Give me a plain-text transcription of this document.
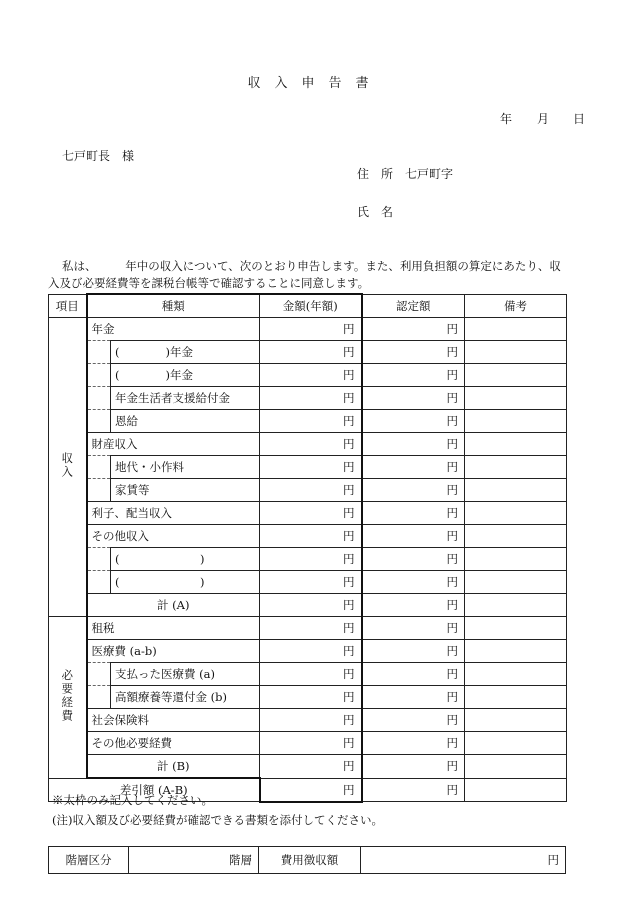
収入申告書
年 月 日
七戸町長　様
住　所　七戸町字
氏　名
私は、　　　年中の収入について、次のとおり申告します。また、利用負担額の算定にあたり、収
入及び必要経費等を課税台帳等で確認することに同意します。
項目	種類		金額(年額)	認定額	備考
収入	年金		円	円	
		(　　　　)年金	円	円	
		(　　　　)年金	円	円	
		年金生活者支援給付金	円	円	
		恩給	円	円	
	財産収入		円	円	
		地代・小作料	円	円	
		家賃等	円	円	
	利子、配当収入		円	円	
	その他収入		円	円	
		(　　　　　　　)	円	円	
		(　　　　　　　)	円	円	
	計 (A)		円	円	
必要経費	租税		円	円	
	医療費 (a-b)		円	円	
		支払った医療費 (a)	円	円	
		高額療養等還付金 (b)	円	円	
	社会保険料		円	円	
	その他必要経費		円	円	
	計 (B)		円	円	
差引額 (A-B)			円	円	
※太枠のみ記入してください。
(注)収入額及び必要経費が確認できる書類を添付してください。
階層区分	階層	費用徴収額	円
